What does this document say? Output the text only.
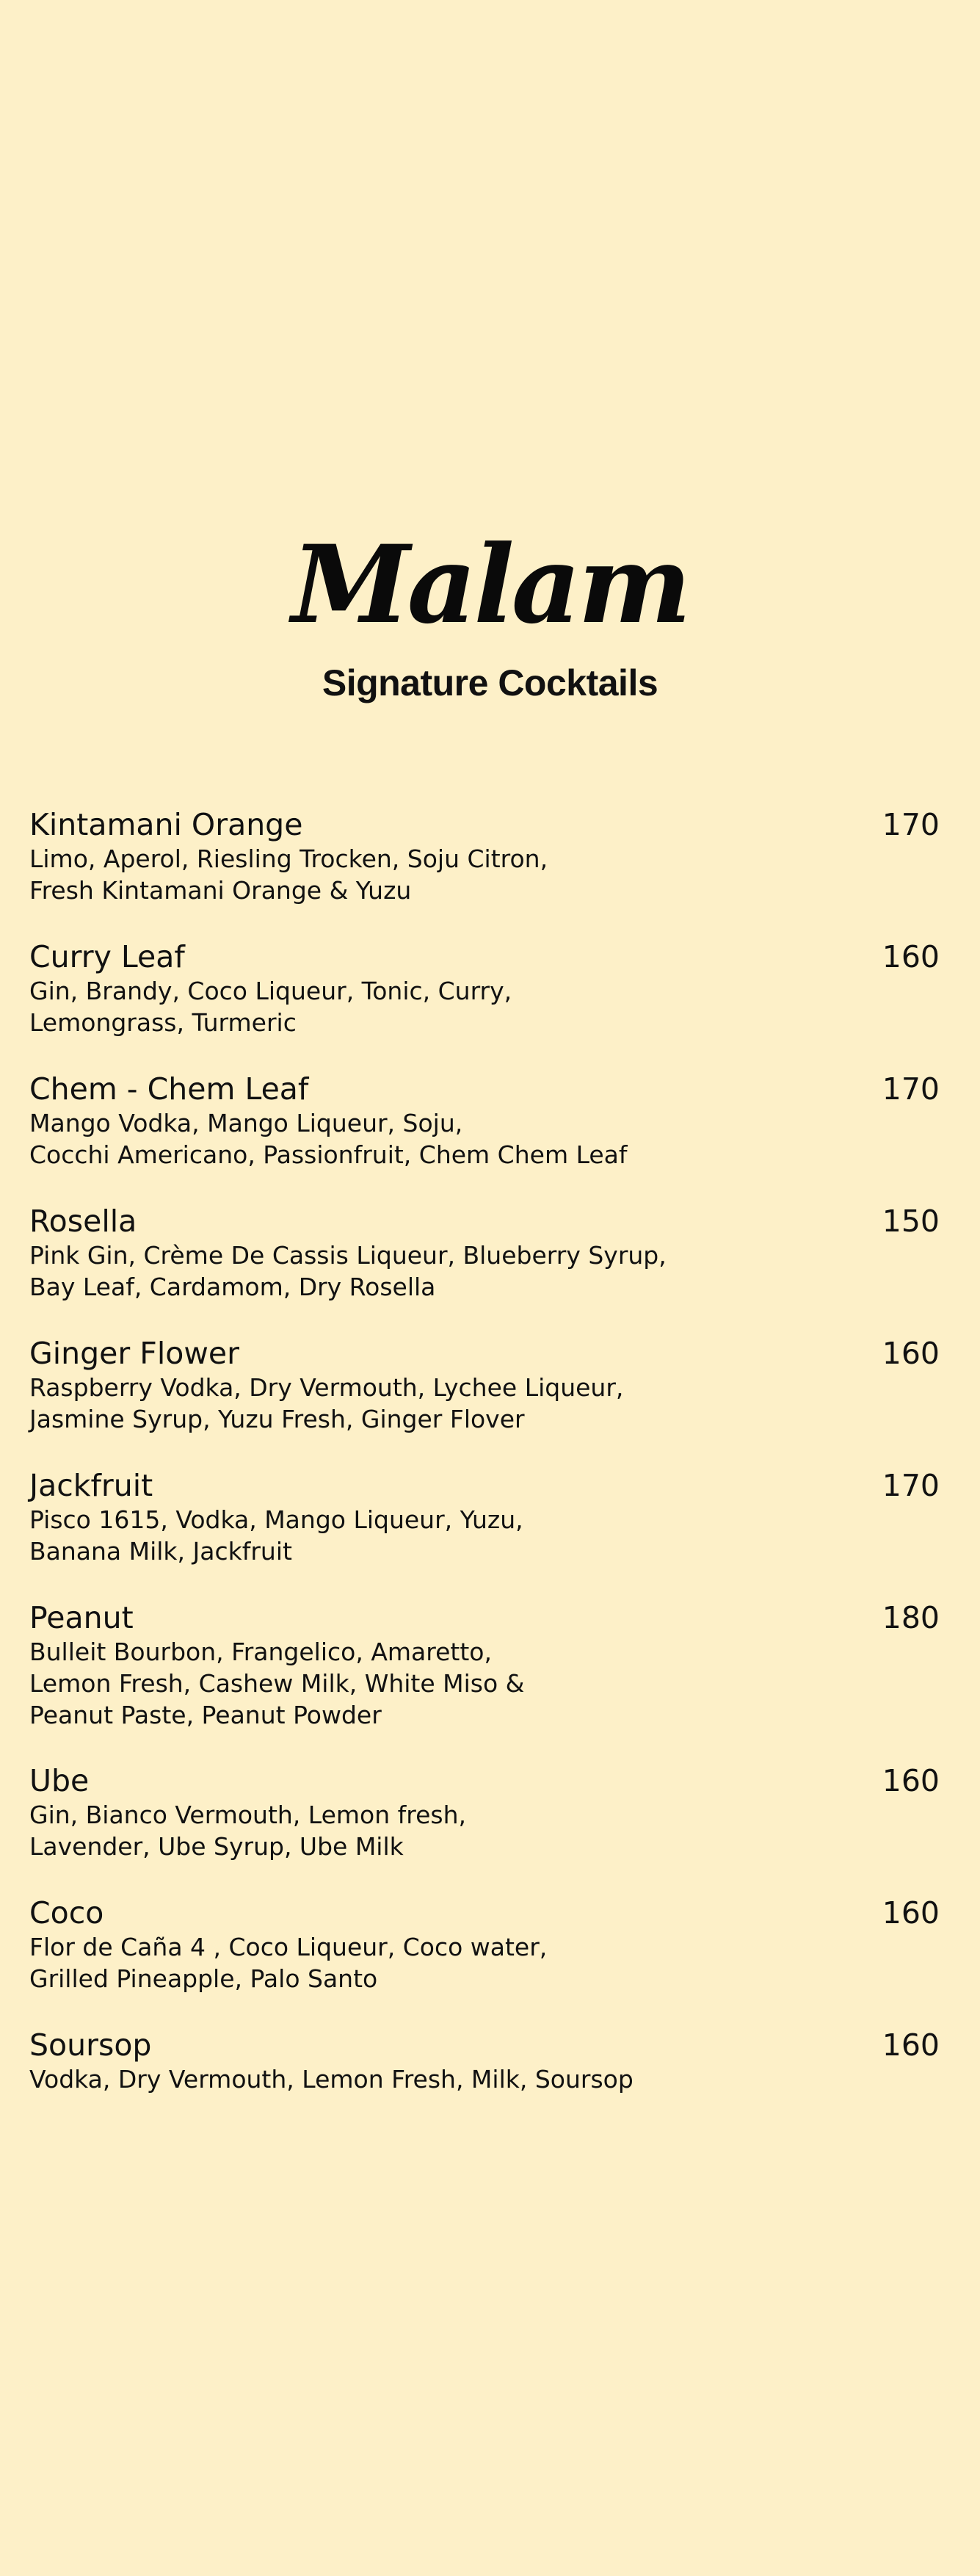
Malam
Signature Cocktails
Kintamani Orange	170
Limo, Aperol, Riesling Trocken, Soju Citron,
Fresh Kintamani Orange & Yuzu
Curry Leaf	160
Gin, Brandy, Coco Liqueur, Tonic, Curry,
Lemongrass, Turmeric
Chem - Chem Leaf	170
Mango Vodka, Mango Liqueur, Soju,
Cocchi Americano, Passionfruit, Chem Chem Leaf
Rosella	150
Pink Gin, Crème De Cassis Liqueur, Blueberry Syrup,
Bay Leaf, Cardamom, Dry Rosella
Ginger Flower	160
Raspberry Vodka, Dry Vermouth, Lychee Liqueur,
Jasmine Syrup, Yuzu Fresh, Ginger Flover
Jackfruit	170
Pisco 1615, Vodka, Mango Liqueur, Yuzu,
Banana Milk, Jackfruit
Peanut	180
Bulleit Bourbon, Frangelico, Amaretto,
Lemon Fresh, Cashew Milk, White Miso &
Peanut Paste, Peanut Powder
Ube	160
Gin, Bianco Vermouth, Lemon fresh,
Lavender, Ube Syrup, Ube Milk
Coco	160
Flor de Caña 4 , Coco Liqueur, Coco water,
Grilled Pineapple, Palo Santo
Soursop	160
Vodka, Dry Vermouth, Lemon Fresh, Milk, Soursop
